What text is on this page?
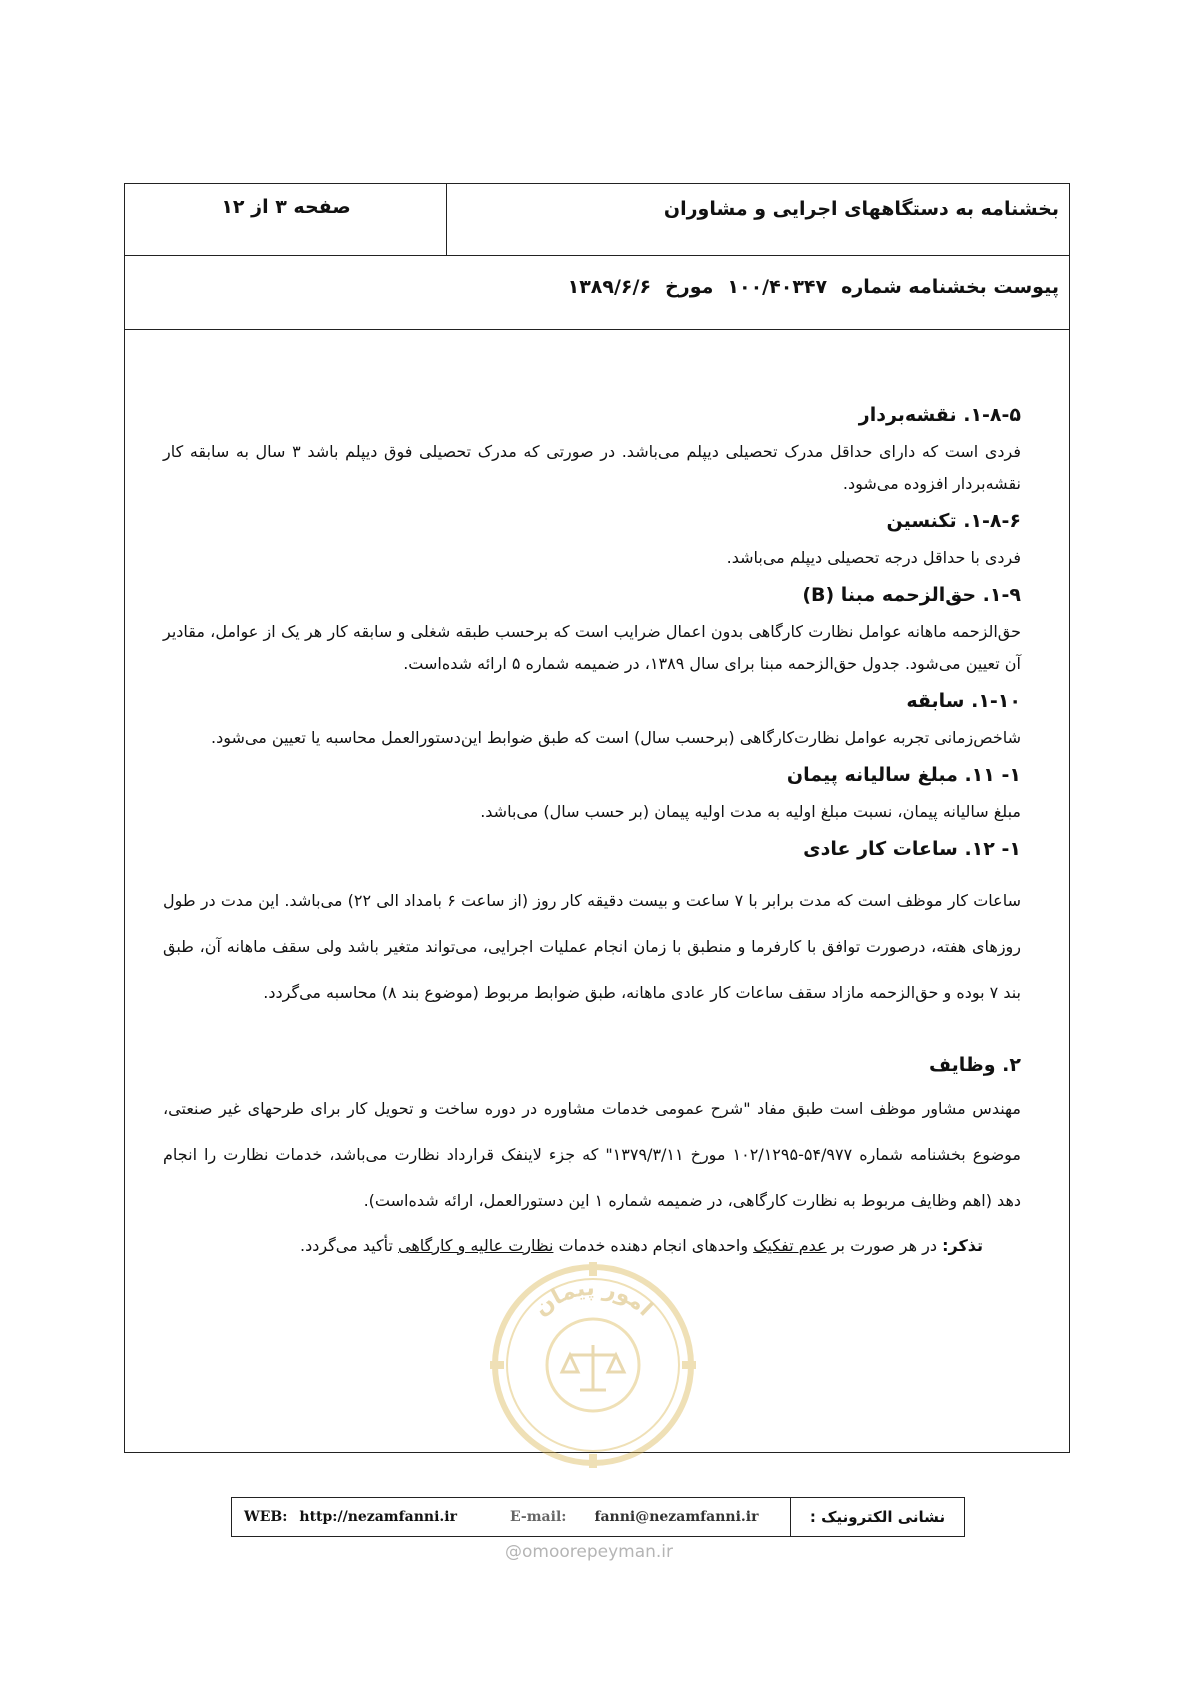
بخشنامه به دستگاههای اجرایی و مشاوران
صفحه ۳ از ۱۲
پیوست بخشنامه شماره۱۰۰/۴۰۳۴۷مورخ۱۳۸۹/۶/۶
۱-۸-۵. نقشه‌بردار

فردی است که دارای حداقل مدرک تحصیلی دیپلم می‌باشد. در صورتی که مدرک تحصیلی فوق دیپلم باشد ۳ سال به سابقه کار نقشه‌بردار افزوده می‌شود.

۱-۸-۶. تکنسین

فردی با حداقل درجه تحصیلی دیپلم می‌باشد.

۱-۹. حق‌الزحمه مبنا (B)

حق‌الزحمه ماهانه عوامل نظارت کارگاهی بدون اعمال ضرایب است که برحسب طبقه شغلی و سابقه کار هر یک از عوامل، مقادیر آن تعیین می‌شود. جدول حق‌الزحمه مبنا برای سال ۱۳۸۹، در ضمیمه شماره ۵ ارائه شده‌است.

۱-۱۰. سابقه

شاخص‌زمانی تجربه عوامل نظارت‌کارگاهی (برحسب سال) است که طبق ضوابط این‌دستورالعمل محاسبه یا تعیین می‌شود.

۱- ۱۱. مبلغ سالیانه پیمان

مبلغ سالیانه پیمان، نسبت مبلغ اولیه به مدت اولیه پیمان (بر حسب سال) می‌باشد.

۱- ۱۲. ساعات کار عادی

ساعات کار موظف است که مدت برابر با ۷ ساعت و بیست دقیقه کار روز (از ساعت ۶ بامداد الی ۲۲) می‌باشد. این مدت در طول روزهای هفته، درصورت توافق با کارفرما و منطبق با زمان انجام عملیات اجرایی، می‌تواند متغیر باشد ولی سقف ماهانه آن، طبق بند ۷ بوده و حق‌الزحمه مازاد سقف ساعات کار عادی ماهانه، طبق ضوابط مربوط (موضوع بند ۸) محاسبه می‌گردد.

۲. وظایف

مهندس مشاور موظف است طبق مفاد "شرح عمومی خدمات مشاوره در دوره ساخت و تحویل کار برای طرحهای غیر صنعتی، موضوع بخشنامه شماره ۵۴/۹۷۷-۱۰۲/۱۲۹۵ مورخ ۱۳۷۹/۳/۱۱" که جزء لاینفک قرارداد نظارت می‌باشد، خدمات نظارت را انجام دهد (اهم وظایف مربوط به نظارت کارگاهی، در ضمیمه شماره ۱ این دستورالعمل، ارائه شده‌است).

تذکر: در هر صورت بر عدم تفکیک واحدهای انجام دهنده خدمات نظارت عالیه و کارگاهی تأکید می‌گردد.

امور پیمان
نشانی الکترونیک :
E-mail: fanni@nezamfanni.ir
WEB: http://nezamfanni.ir
@omoorepeyman.ir
